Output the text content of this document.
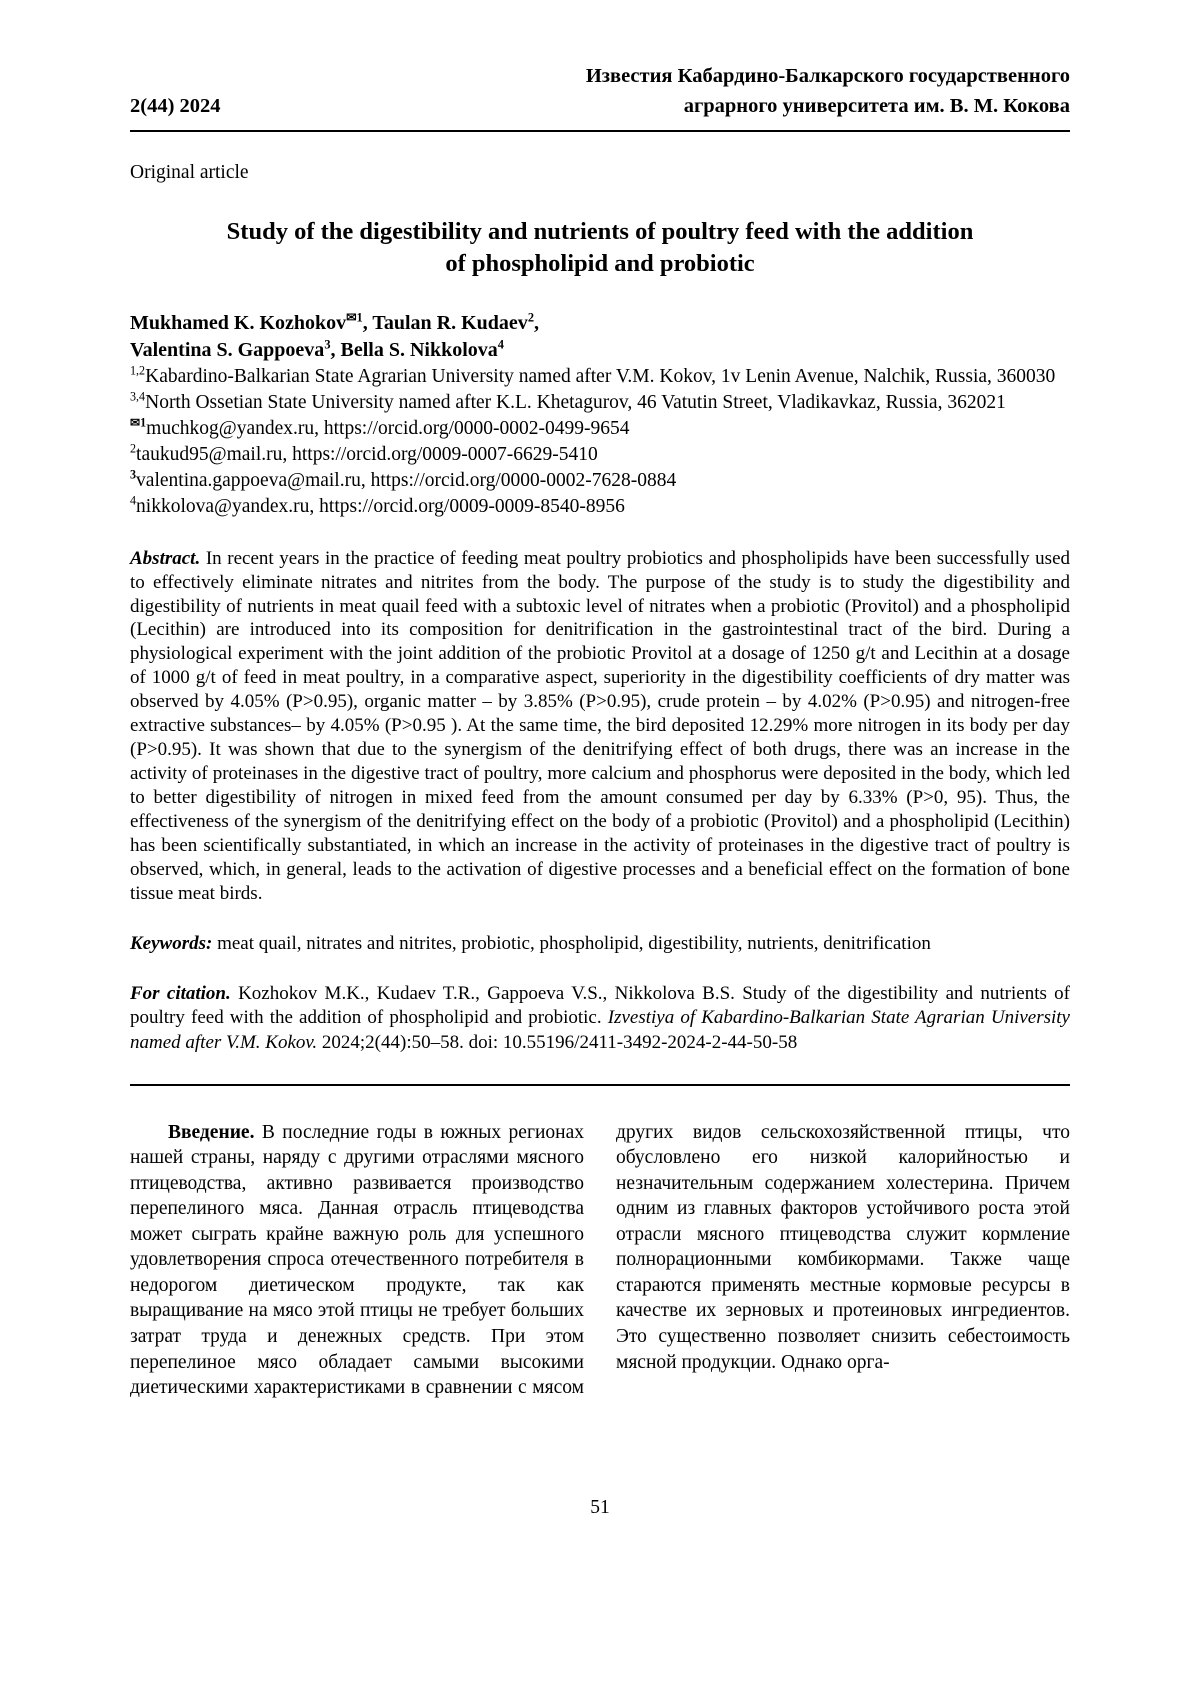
2(44) 2024
Известия Кабардино-Балкарского государственного
аграрного университета им. В. М. Кокова
Original article
Study of the digestibility and nutrients of poultry feed with the addition
of phospholipid and probiotic

Mukhamed K. Kozhokov$^{✉1}$, Taulan R. Kudaev$^2$,

Valentina S. Gappoeva$^3$, Bella S. Nikkolova$^4$

$^{1,2}$Kabardino-Balkarian State Agrarian University named after V.M. Kokov, 1v Lenin Avenue, Nalchik, Russia, 360030

$^{3,4}$North Ossetian State University named after K.L. Khetagurov, 46 Vatutin Street, Vladikavkaz, Russia, 362021

$^{✉1}$muchkog@yandex.ru, https://orcid.org/0000-0002-0499-9654

$^2$taukud95@mail.ru, https://orcid.org/0009-0007-6629-5410

$^3$valentina.gappoeva@mail.ru, https://orcid.org/0000-0002-7628-0884

$^4$nikkolova@yandex.ru, https://orcid.org/0009-0009-8540-8956

Abstract. In recent years in the practice of feeding meat poultry probiotics and phospholipids have been successfully used to effectively eliminate nitrates and nitrites from the body. The purpose of the study is to study the digestibility and digestibility of nutrients in meat quail feed with a subtoxic level of nitrates when a probiotic (Provitol) and a phospholipid (Lecithin) are introduced into its composition for denitrification in the gastrointestinal tract of the bird. During a physiological experiment with the joint addition of the probiotic Provitol at a dosage of 1250 g/t and Lecithin at a dosage of 1000 g/t of feed in meat poultry, in a comparative aspect, superiority in the digestibility coefficients of dry matter was observed by 4.05% (P>0.95), organic matter – by 3.85% (P>0.95), crude protein – by 4.02% (P>0.95) and nitrogen-free extractive substances– by 4.05% (P>0.95 ). At the same time, the bird deposited 12.29% more nitrogen in its body per day (P>0.95). It was shown that due to the synergism of the denitrifying effect of both drugs, there was an increase in the activity of proteinases in the digestive tract of poultry, more calcium and phosphorus were deposited in the body, which led to better digestibility of nitrogen in mixed feed from the amount consumed per day by 6.33% (P>0, 95). Thus, the effectiveness of the synergism of the denitrifying effect on the body of a probiotic (Provitol) and a phospholipid (Lecithin) has been scientifically substantiated, in which an increase in the activity of proteinases in the digestive tract of poultry is observed, which, in general, leads to the activation of digestive processes and a beneficial effect on the formation of bone tissue meat birds.

Keywords: meat quail, nitrates and nitrites, probiotic, phospholipid, digestibility, nutrients, denitrification

For citation. Kozhokov M.K., Kudaev T.R., Gappoeva V.S., Nikkolova B.S. Study of the digestibility and nutrients of poultry feed with the addition of phospholipid and probiotic. Izvestiya of Kabardino-Balkarian State Agrarian University named after V.M. Kokov. 2024;2(44):50–58. doi: 10.55196/2411-3492-2024-2-44-50-58

Введение. В последние годы в южных регионах нашей страны, наряду с другими отраслями мясного птицеводства, активно развивается производство перепелиного мяса. Данная отрасль птицеводства может сыграть крайне важную роль для успешного удовлетворения спроса отечественного потребителя в недорогом диетическом продукте, так как выращивание на мясо этой птицы не требует больших затрат труда и денежных средств. При этом перепелиное мясо обладает самыми высокими диетическими характеристиками в сравнении с мясом других видов сельскохозяйственной птицы, что обусловлено его низкой калорийностью и незначительным содержанием холестерина. Причем одним из главных факторов устойчивого роста этой отрасли мясного птицеводства служит кормление полнорационными комбикормами. Также чаще стараются применять местные кормовые ресурсы в качестве их зерновых и протеиновых ингредиентов. Это существенно позволяет снизить себестоимость мясной продукции. Однако орга-

51
